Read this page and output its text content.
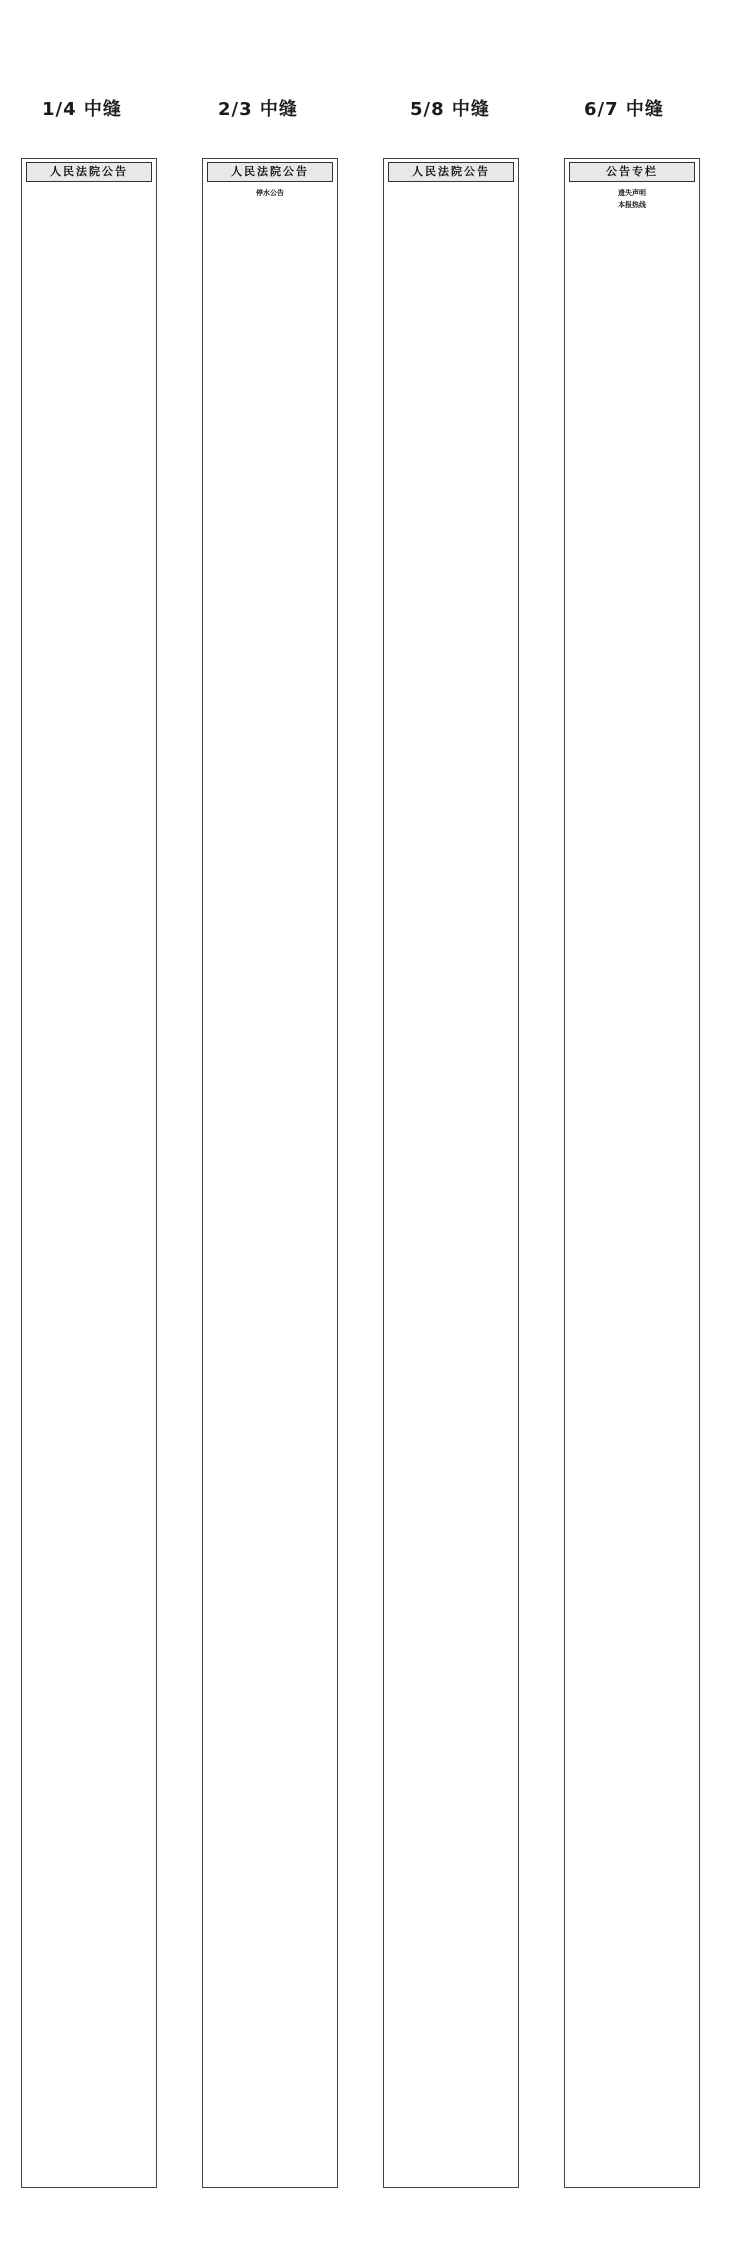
1/4 中缝	2/3 中缝	5/8 中缝	6/7 中缝
人民法院公告	人民法院公告
停水公告
人民法院公告	公告专栏
遗失声明
本报热线
